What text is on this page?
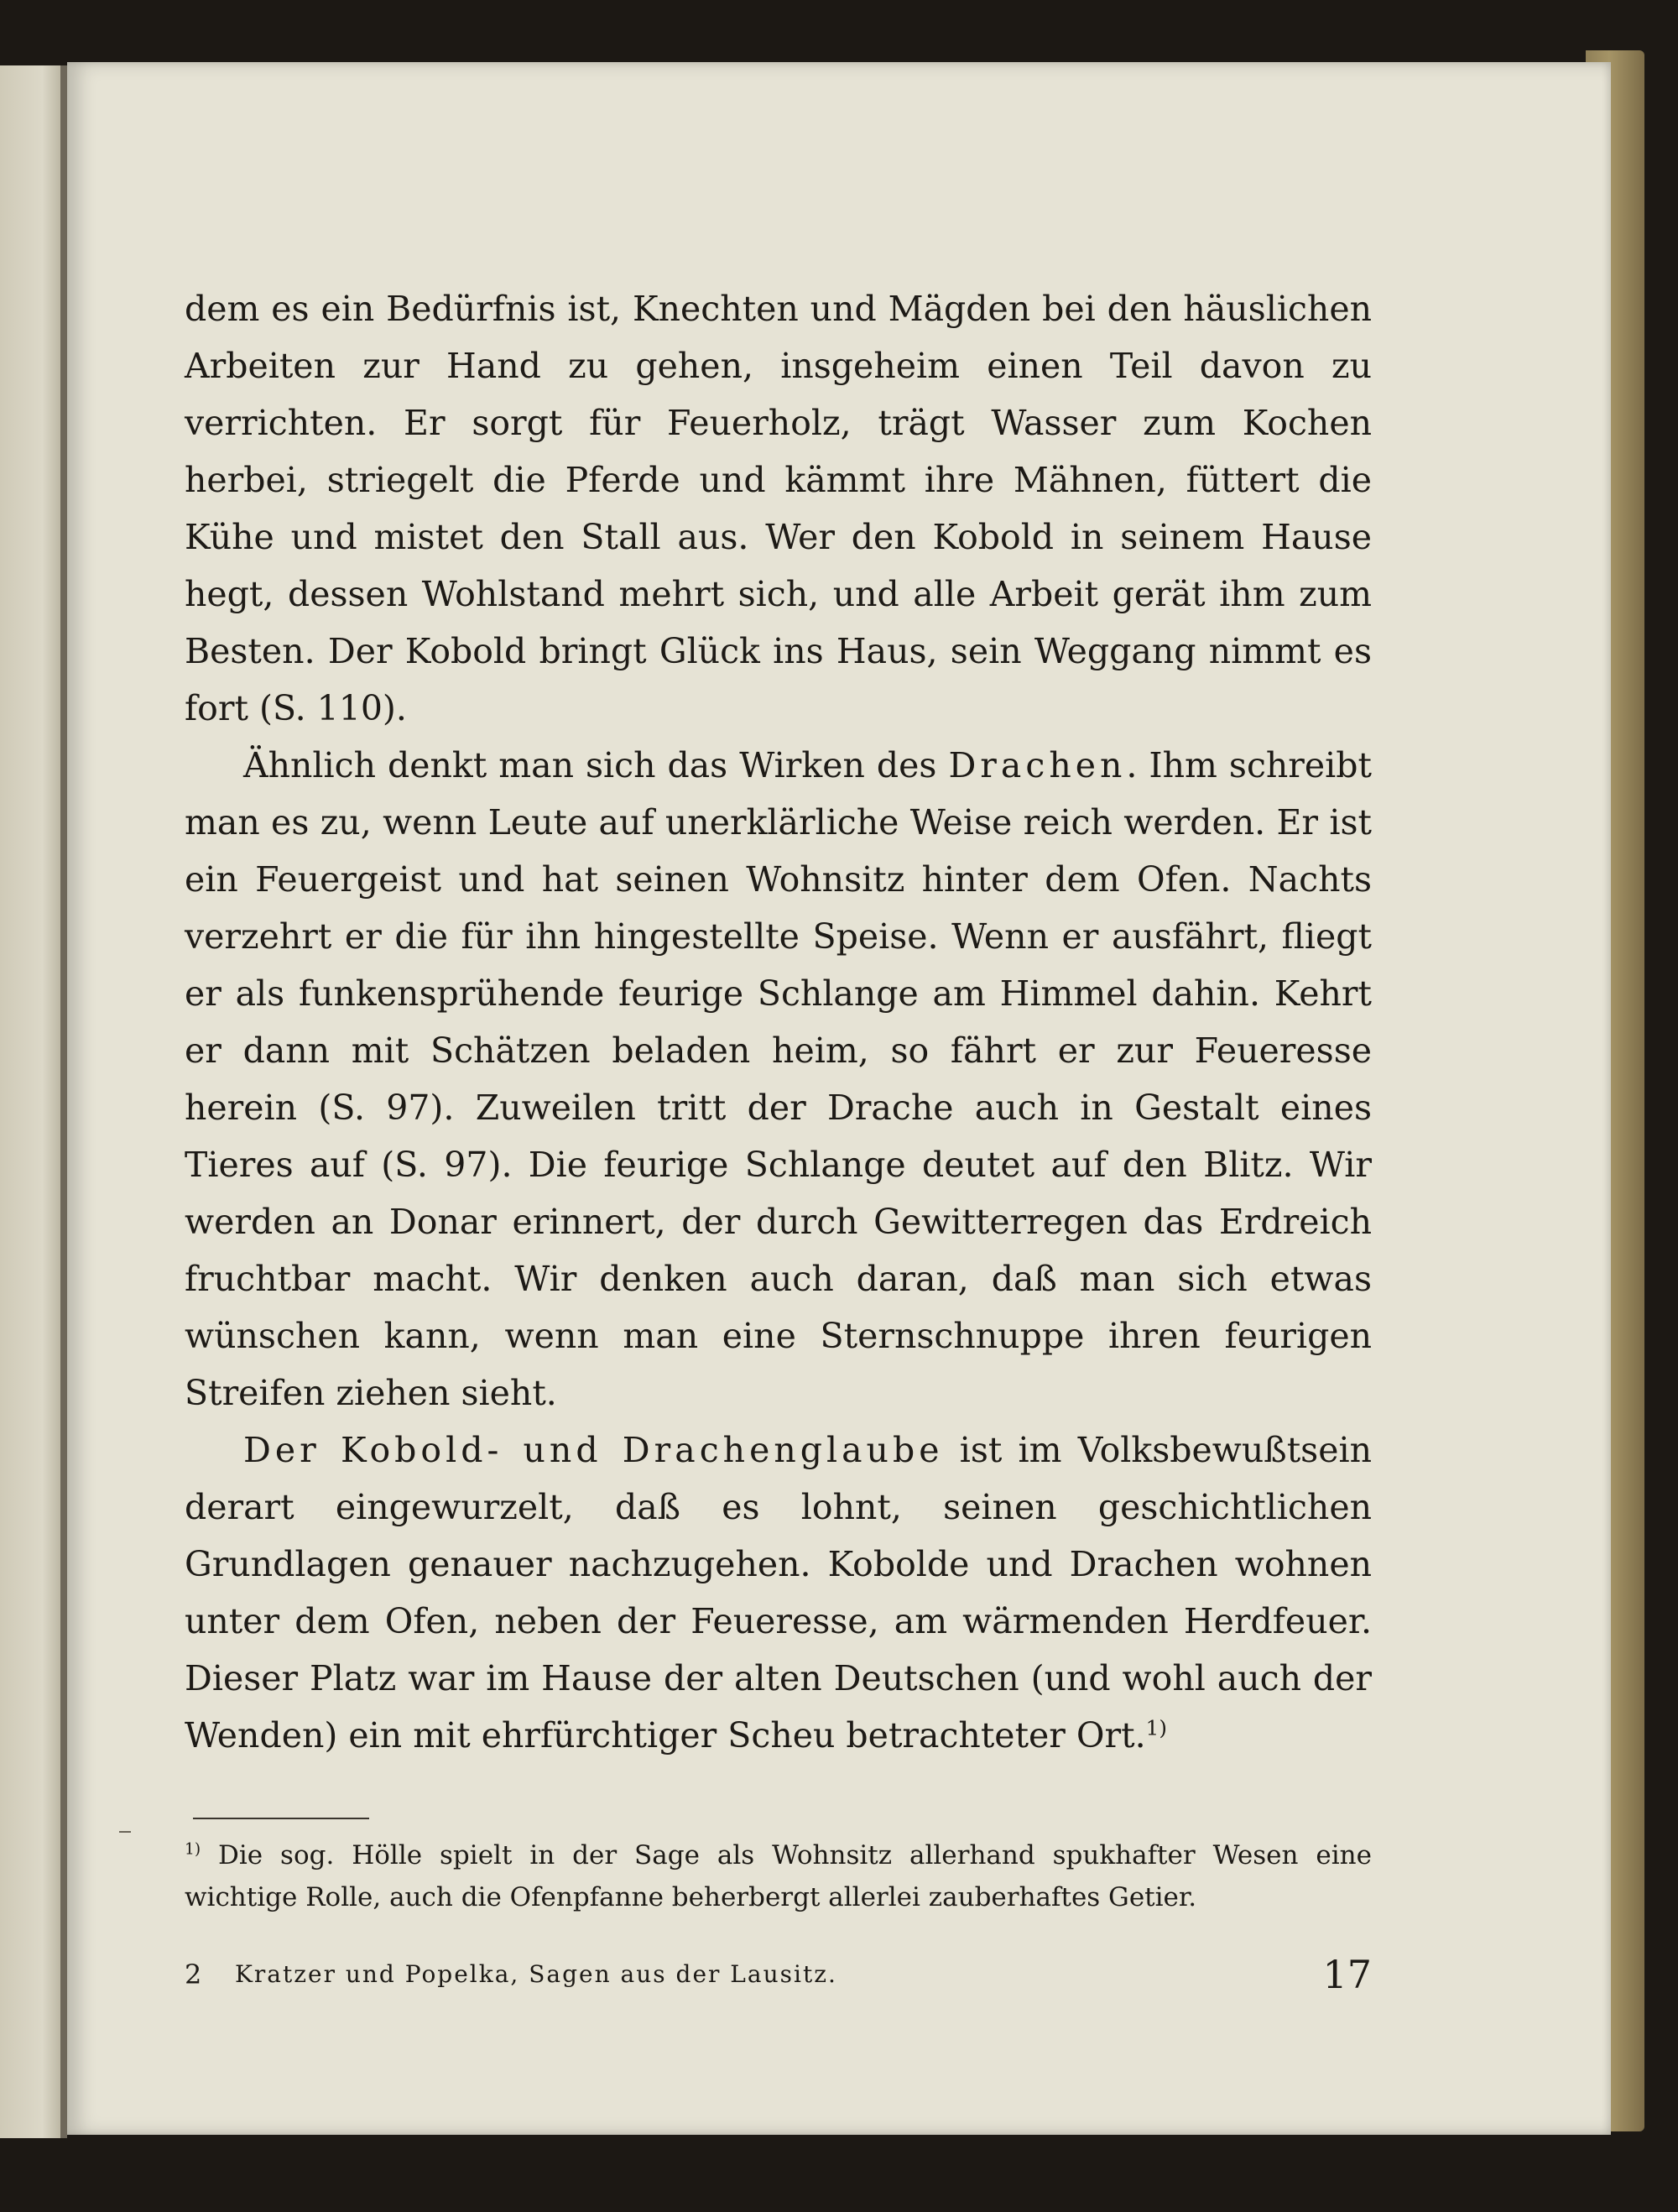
dem es ein Bedürfnis ist, Knechten und Mägden bei den häuslichen Arbeiten zur Hand zu gehen, insgeheim einen Teil davon zu verrichten. Er sorgt für Feuerholz, trägt Wasser zum Kochen herbei, striegelt die Pferde und kämmt ihre Mähnen, füttert die Kühe und mistet den Stall aus. Wer den Kobold in seinem Hause hegt, dessen Wohlstand mehrt sich, und alle Arbeit gerät ihm zum Besten. Der Kobold bringt Glück ins Haus, sein Weggang nimmt es fort (S. 110).

Ähnlich denkt man sich das Wirken des Drachen. Ihm schreibt man es zu, wenn Leute auf unerklärliche Weise reich werden. Er ist ein Feuergeist und hat seinen Wohnsitz hinter dem Ofen. Nachts verzehrt er die für ihn hingestellte Speise. Wenn er ausfährt, fliegt er als funkensprühende feurige Schlange am Himmel dahin. Kehrt er dann mit Schätzen beladen heim, so fährt er zur Feueresse herein (S. 97). Zuweilen tritt der Drache auch in Gestalt eines Tieres auf (S. 97). Die feurige Schlange deutet auf den Blitz. Wir werden an Donar erinnert, der durch Gewitterregen das Erdreich fruchtbar macht. Wir denken auch daran, daß man sich etwas wünschen kann, wenn man eine Sternschnuppe ihren feurigen Streifen ziehen sieht.

Der Kobold- und Drachenglaube ist im Volksbewußtsein derart eingewurzelt, daß es lohnt, seinen geschichtlichen Grundlagen genauer nachzugehen. Kobolde und Drachen wohnen unter dem Ofen, neben der Feueresse, am wärmenden Herdfeuer. Dieser Platz war im Hause der alten Deutschen (und wohl auch der Wenden) ein mit ehrfürchtiger Scheu betrachteter Ort.$^{1)}$

$^{1)}$ Die sog. Hölle spielt in der Sage als Wohnsitz allerhand spukhafter Wesen eine wichtige Rolle, auch die Ofenpfanne beherbergt allerlei zauberhaftes Getier.

2 Kratzer und Popelka, Sagen aus der Lausitz.	17
